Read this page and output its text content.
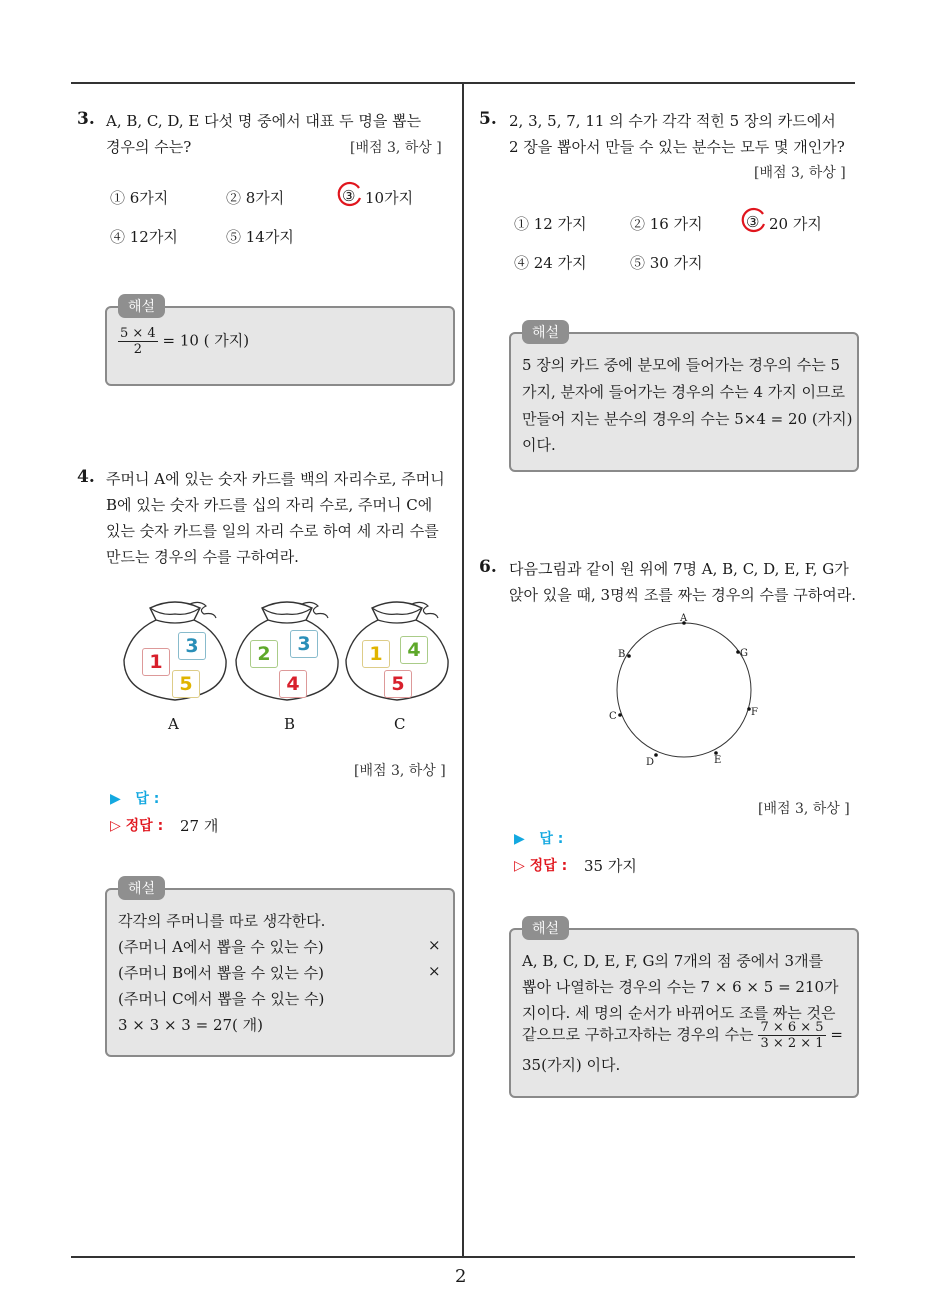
2
3. A, B, C, D, E 다섯 명 중에서 대표 두 명을 뽑는
경우의 수는?	[배점 3, 하상 ]
① 6가지	② 8가지	③ 10가지
④ 12가지	⑤ 14가지
해설
$\frac{5 \times 4}{2} = 10$ ( 가지)
4. 주머니 A에 있는 숫자 카드를 백의 자리수로, 주머니
B에 있는 숫자 카드를 십의 자리 수로, 주머니 C에
있는 숫자 카드를 일의 자리 수로 하여 세 자리 수를
만드는 경우의 수를 구하여라.
1
3
5
A
2	3
4
B
1	4
5
C
[배점 3, 하상 ]
▶ 답 :
▷ 정답 : 27 개
해설
각각의 주머니를 따로 생각한다.
(주머니 A에서 뽑을 수 있는 수)	×
(주머니 B에서 뽑을 수 있는 수)	×
(주머니 C에서 뽑을 수 있는 수)
3 × 3 × 3 = 27( 개)
5. 2, 3, 5, 7, 11 의 수가 각각 적힌 5 장의 카드에서
2 장을 뽑아서 만들 수 있는 분수는 모두 몇 개인가?
[배점 3, 하상 ]
① 12 가지	② 16 가지	③ 20 가지
④ 24 가지	⑤ 30 가지
해설
5 장의 카드 중에 분모에 들어가는 경우의 수는 5
가지, 분자에 들어가는 경우의 수는 4 가지 이므로
만들어 지는 분수의 경우의 수는 5×4 = 20 (가지)
이다.
6. 다음그림과 같이 원 위에 7명 A, B, C, D, E, F, G가
앉아 있을 때, 3명씩 조를 짜는 경우의 수를 구하여라.
A
B
C
D	E
F
G
[배점 3, 하상 ]
▶ 답 :
▷ 정답 : 35 가지
해설
A, B, C, D, E, F, G의 7개의 점 중에서 3개를
뽑아 나열하는 경우의 수는 7 × 6 × 5 = 210가
지이다. 세 명의 순서가 바뀌어도 조를 짜는 것은
같으므로 구하고자하는 경우의 수는 $\frac{7 \times 6 \times 5}{3 \times 2 \times 1}$ =
35(가지) 이다.
